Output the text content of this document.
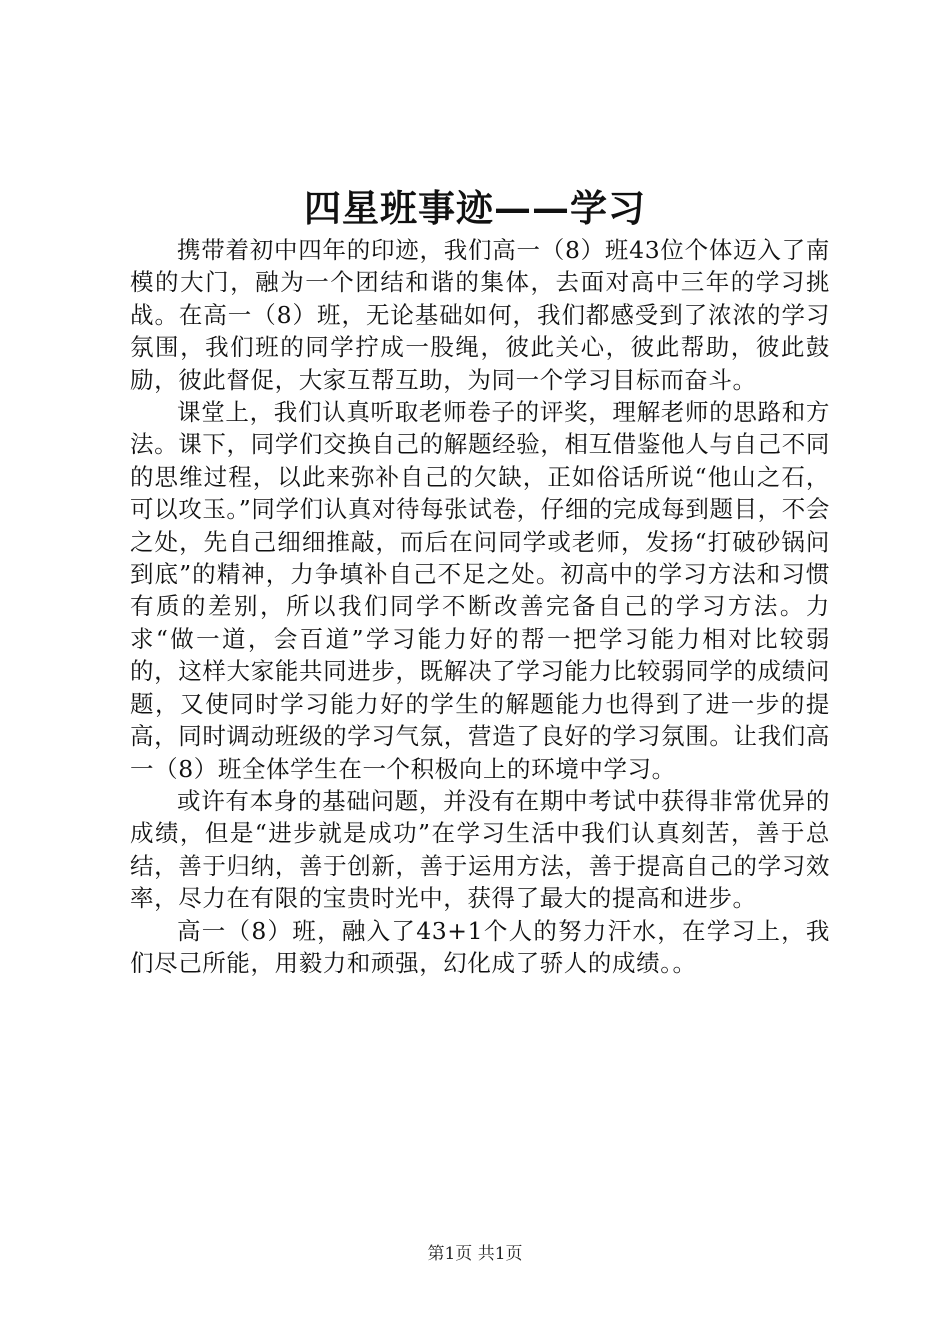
四星班事迹——学习

携带着初中四年的印迹，我们高一（8）班43位个体迈入了南模的大门，融为一个团结和谐的集体，去面对高中三年的学习挑战。在高一（8）班，无论基础如何，我们都感受到了浓浓的学习氛围，我们班的同学拧成一股绳，彼此关心，彼此帮助，彼此鼓励，彼此督促，大家互帮互助，为同一个学习目标而奋斗。

课堂上，我们认真听取老师卷子的评奖，理解老师的思路和方法。课下，同学们交换自己的解题经验，相互借鉴他人与自己不同的思维过程，以此来弥补自己的欠缺，正如俗话所说“他山之石，可以攻玉。”同学们认真对待每张试卷，仔细的完成每到题目，不会之处，先自己细细推敲，而后在问同学或老师，发扬“打破砂锅问到底”的精神，力争填补自己不足之处。初高中的学习方法和习惯有质的差别，所以我们同学不断改善完备自己的学习方法。力求“做一道，会百道”学习能力好的帮一把学习能力相对比较弱的，这样大家能共同进步，既解决了学习能力比较弱同学的成绩问题，又使同时学习能力好的学生的解题能力也得到了进一步的提高，同时调动班级的学习气氛，营造了良好的学习氛围。让我们高一（8）班全体学生在一个积极向上的环境中学习。

或许有本身的基础问题，并没有在期中考试中获得非常优异的成绩，但是“进步就是成功”在学习生活中我们认真刻苦，善于总结，善于归纳，善于创新，善于运用方法，善于提高自己的学习效率，尽力在有限的宝贵时光中，获得了最大的提高和进步。

高一（8）班，融入了43+1个人的努力汗水，在学习上，我们尽己所能，用毅力和顽强，幻化成了骄人的成绩。。

第1页 共1页
